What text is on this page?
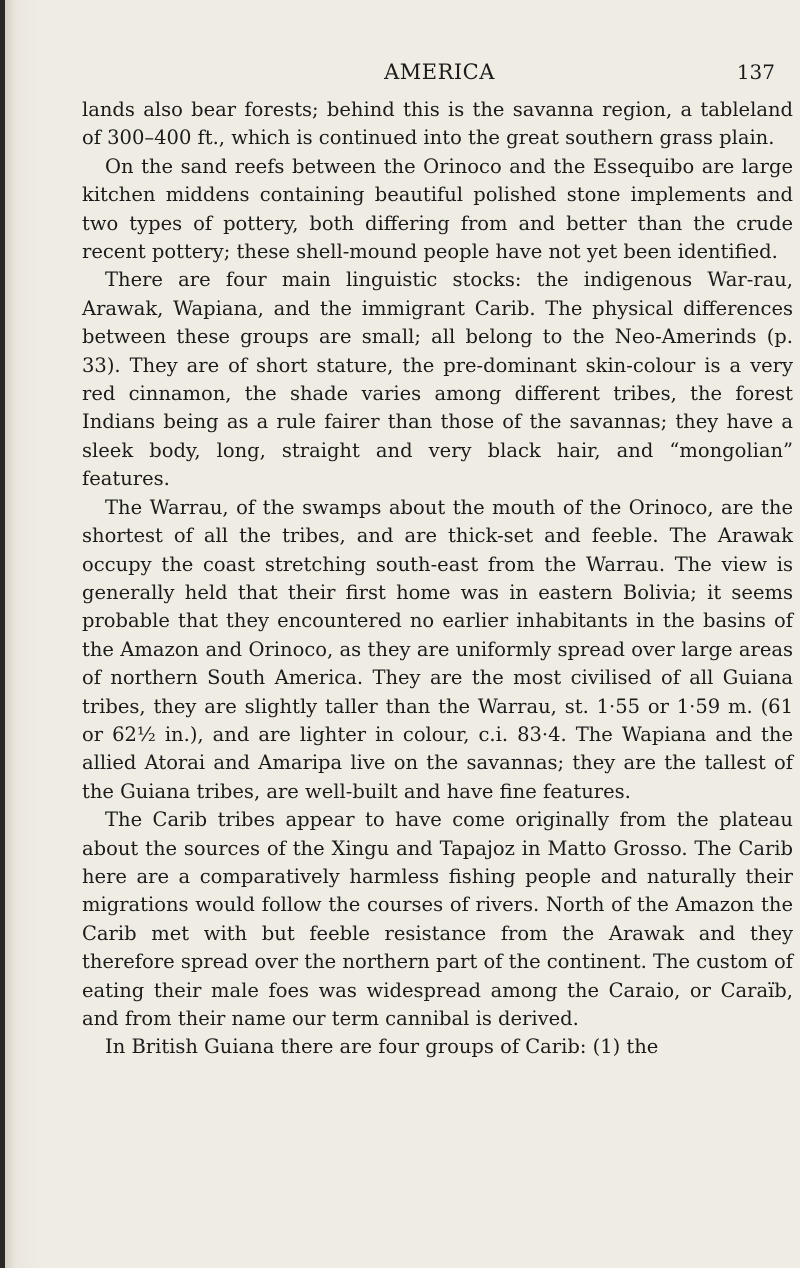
AMERICA	137

lands also bear forests; behind this is the savanna region, a tableland of 300–400 ft., which is continued into the great southern grass plain.

On the sand reefs between the Orinoco and the Essequibo are large kitchen middens containing beautiful polished stone implements and two types of pottery, both differing from and better than the crude recent pottery; these shell-mound people have not yet been identified.

There are four main linguistic stocks: the indigenous War-rau, Arawak, Wapiana, and the immigrant Carib. The physical differences between these groups are small; all belong to the Neo-Amerinds (p. 33). They are of short stature, the pre-dominant skin-colour is a very red cinnamon, the shade varies among different tribes, the forest Indians being as a rule fairer than those of the savannas; they have a sleek body, long, straight and very black hair, and “mongolian” features.

The Warrau, of the swamps about the mouth of the Orinoco, are the shortest of all the tribes, and are thick-set and feeble. The Arawak occupy the coast stretching south-east from the Warrau. The view is generally held that their first home was in eastern Bolivia; it seems probable that they encountered no earlier inhabitants in the basins of the Amazon and Orinoco, as they are uniformly spread over large areas of northern South America. They are the most civilised of all Guiana tribes, they are slightly taller than the Warrau, st. 1·55 or 1·59 m. (61 or 62½ in.), and are lighter in colour, c.i. 83·4. The Wapiana and the allied Atorai and Amaripa live on the savannas; they are the tallest of the Guiana tribes, are well-built and have fine features.

The Carib tribes appear to have come originally from the plateau about the sources of the Xingu and Tapajoz in Matto Grosso. The Carib here are a comparatively harmless fishing people and naturally their migrations would follow the courses of rivers. North of the Amazon the Carib met with but feeble resistance from the Arawak and they therefore spread over the northern part of the continent. The custom of eating their male foes was widespread among the Caraio, or Caraïb, and from their name our term cannibal is derived.

In British Guiana there are four groups of Carib: (1) the
